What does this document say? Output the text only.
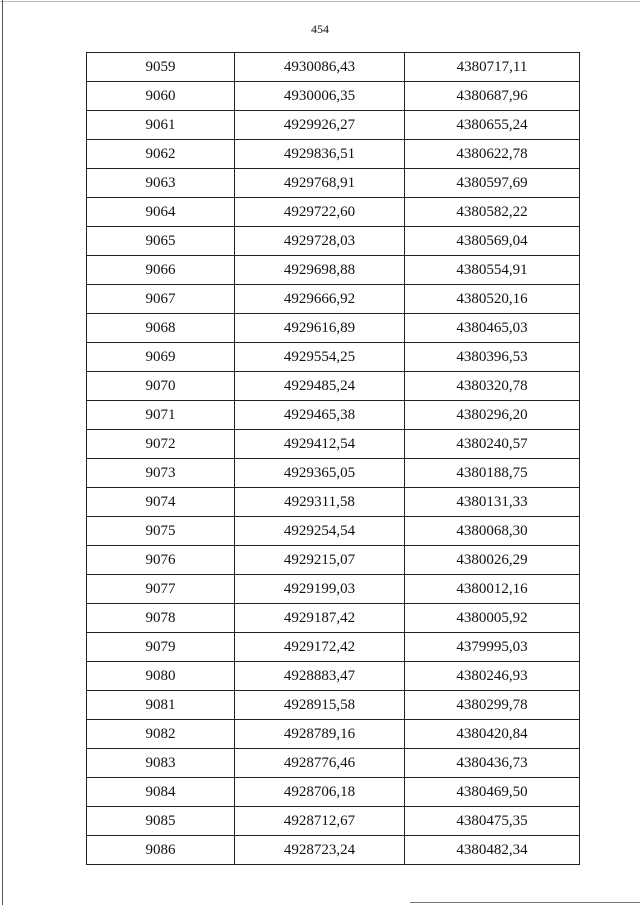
454
9059	4930086,43	4380717,11
9060	4930006,35	4380687,96
9061	4929926,27	4380655,24
9062	4929836,51	4380622,78
9063	4929768,91	4380597,69
9064	4929722,60	4380582,22
9065	4929728,03	4380569,04
9066	4929698,88	4380554,91
9067	4929666,92	4380520,16
9068	4929616,89	4380465,03
9069	4929554,25	4380396,53
9070	4929485,24	4380320,78
9071	4929465,38	4380296,20
9072	4929412,54	4380240,57
9073	4929365,05	4380188,75
9074	4929311,58	4380131,33
9075	4929254,54	4380068,30
9076	4929215,07	4380026,29
9077	4929199,03	4380012,16
9078	4929187,42	4380005,92
9079	4929172,42	4379995,03
9080	4928883,47	4380246,93
9081	4928915,58	4380299,78
9082	4928789,16	4380420,84
9083	4928776,46	4380436,73
9084	4928706,18	4380469,50
9085	4928712,67	4380475,35
9086	4928723,24	4380482,34
